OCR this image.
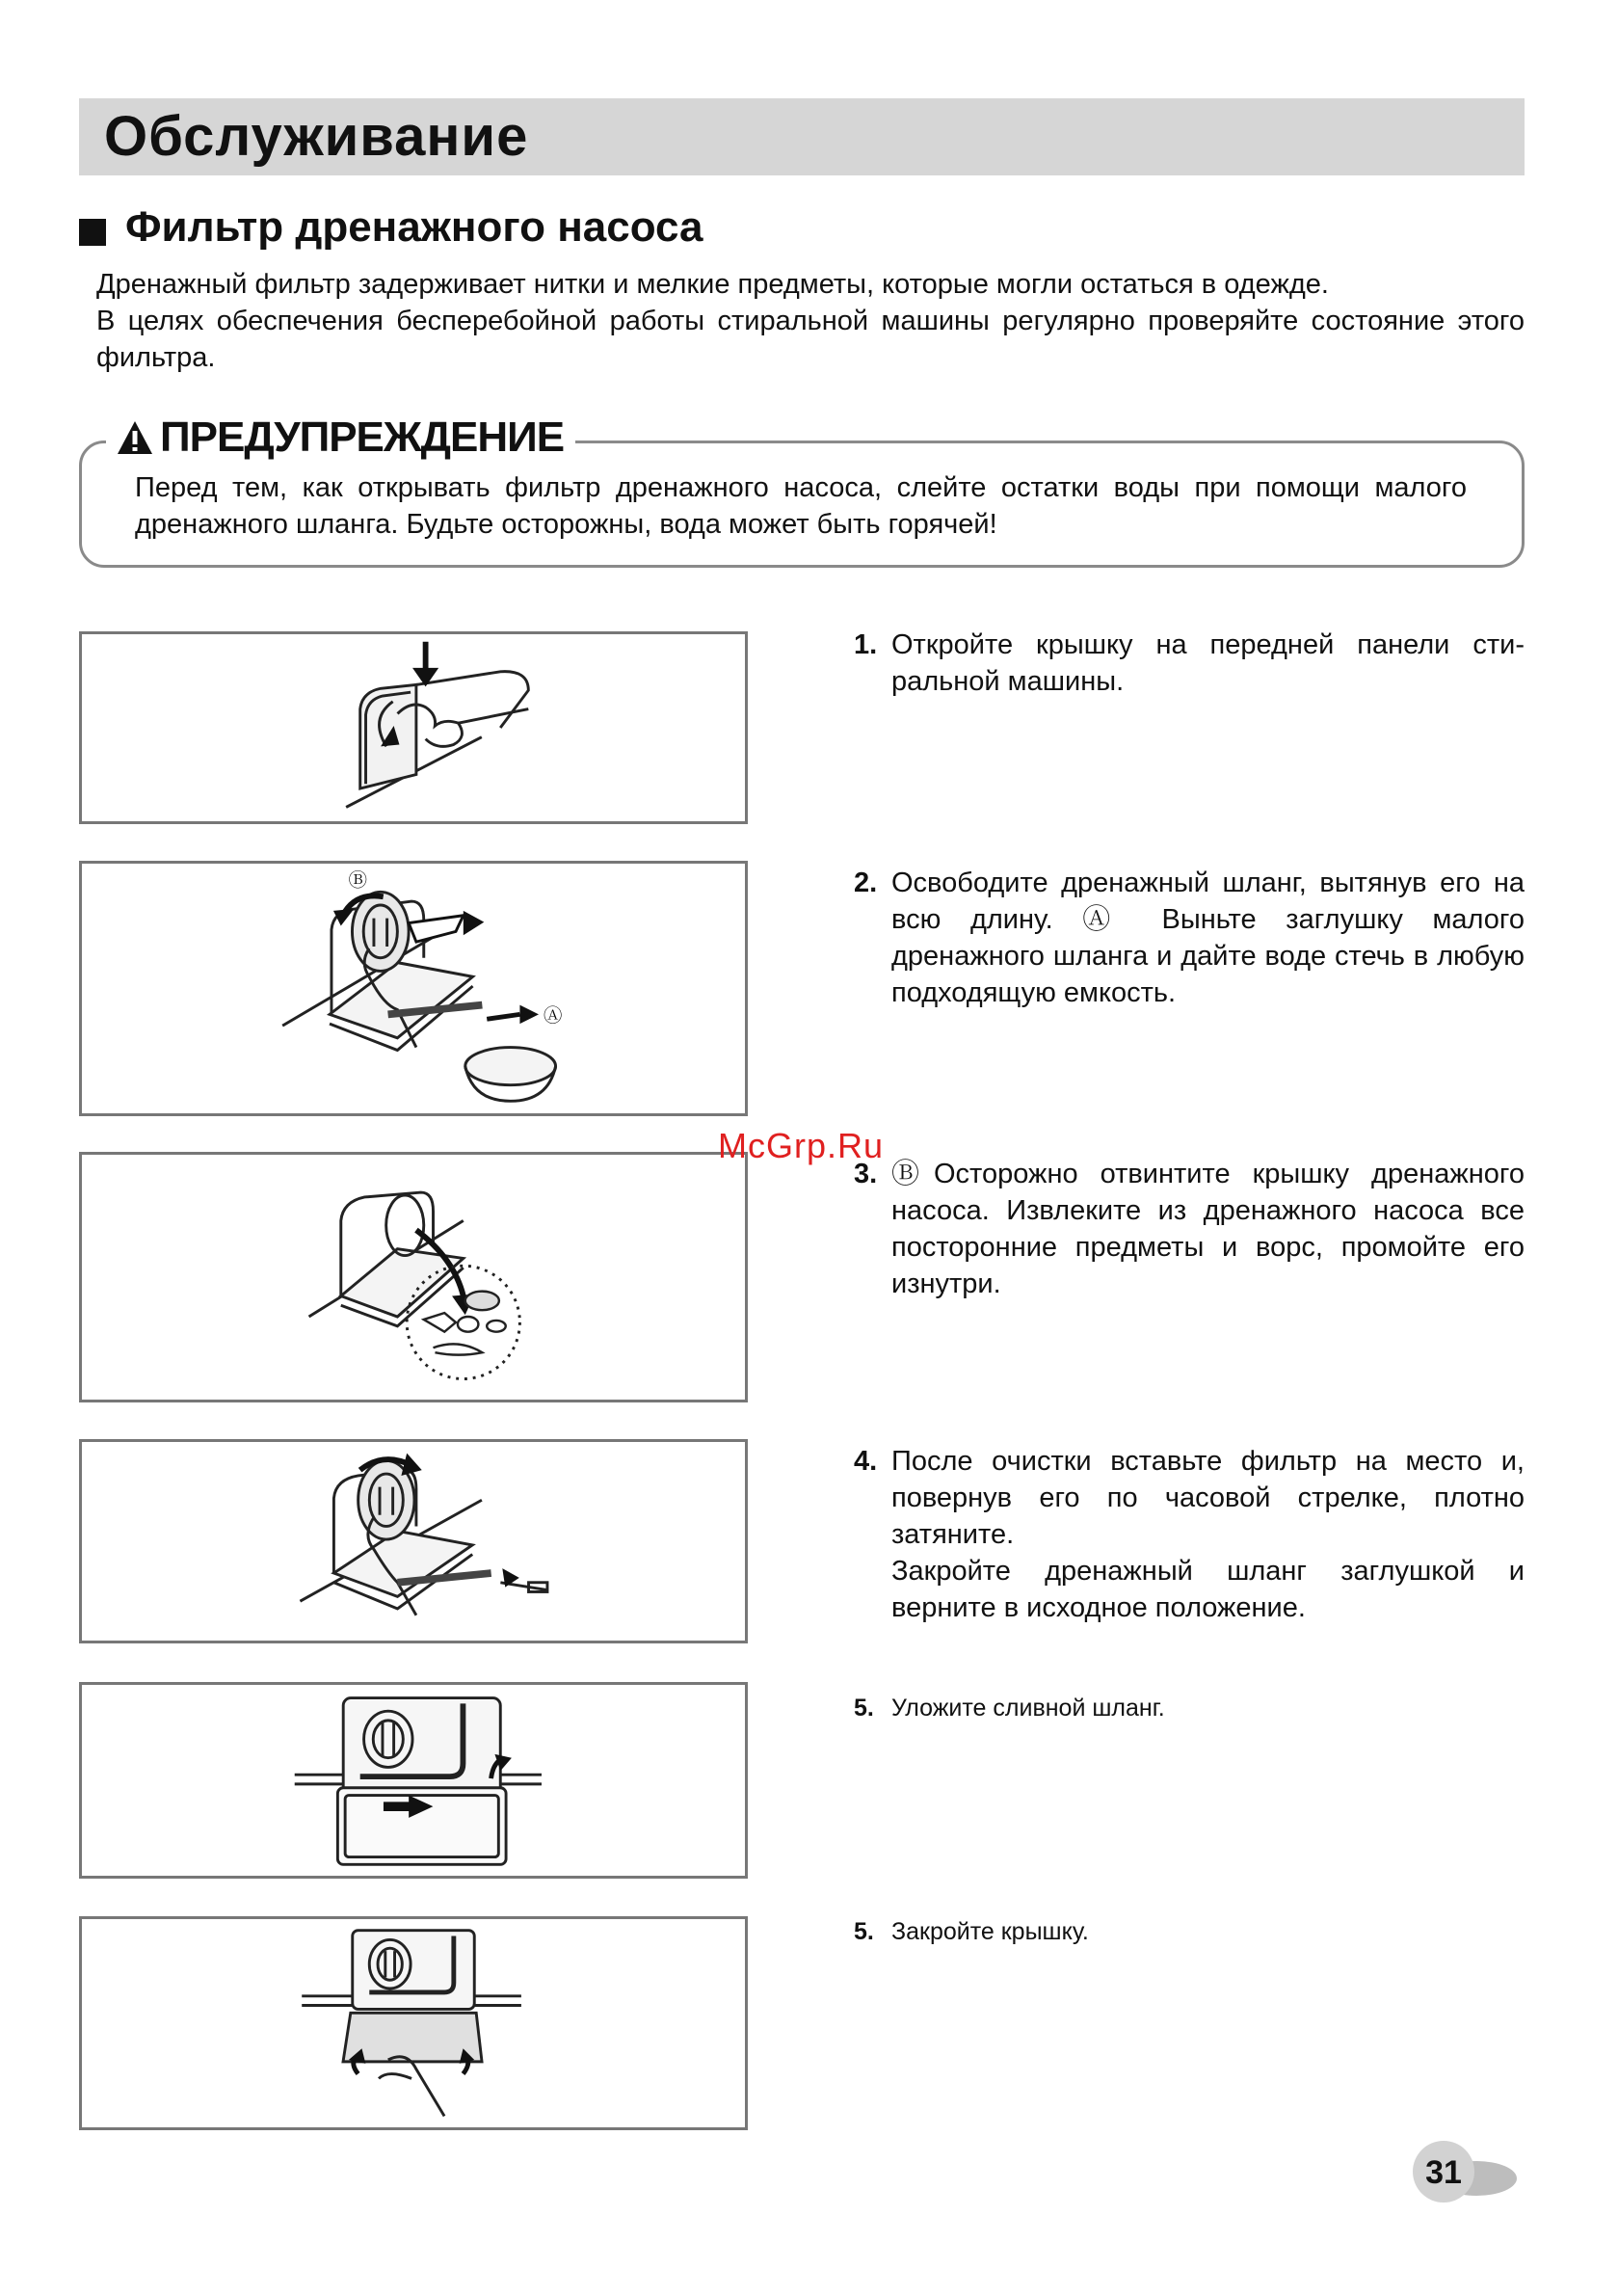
Обслуживание
Фильтр дренажного насоса

Дренажный фильтр задерживает нитки и мелкие предметы, которые могли остаться в одежде.

В целях обеспечения бесперебойной работы стиральной машины регулярно проверяйте состояние этого фильтра.

ПРЕДУПРЕЖДЕНИЕ
Перед тем, как открывать фильтр дренажного насоса, слейте остатки воды при помощи малого дренажного шланга. Будьте осторожны, вода может быть горячей!
Ⓑ
Ⓐ
1. Откройте крышку на передней панели сти-ральной машины.
2. Освободите дренажный шланг, вытянув его на всю длину. Ⓐ Выньте заглушку малого дренажного шланга и дайте воде стечь в любую подходящую емкость.
3. ⒷОсторожно отвинтите крышку дренажного насоса. Извлеките из дренажного насоса все посторонние предметы и ворс, промойте его изнутри.
4. После очистки вставьте фильтр на место и, повернув его по часовой стрелке, плотно затяните.

Закройте дренажный шланг заглушкой и верните в исходное положение.

5. Уложите сливной шланг.
5. Закройте крышку.
McGrp.Ru
31
